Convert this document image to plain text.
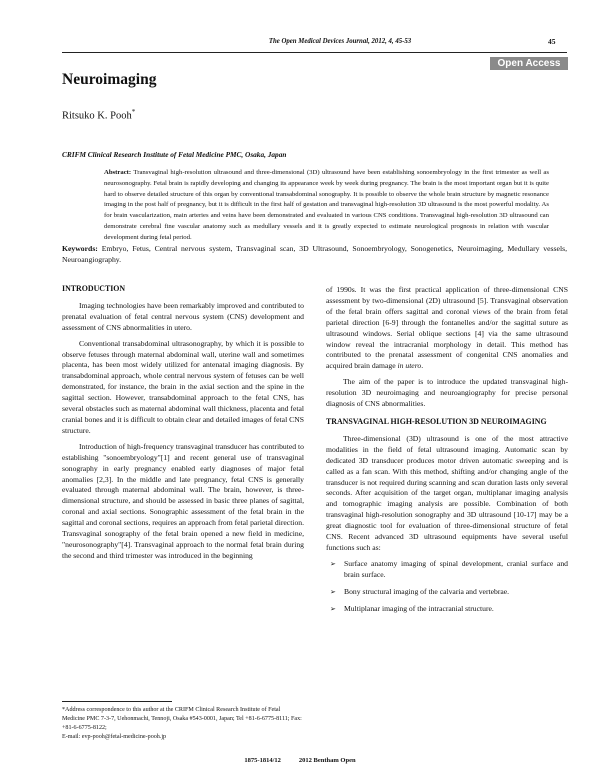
The Open Medical Devices Journal, 2012, 4, 45-53	45
Open Access
Neuroimaging
Ritsuko K. Pooh*
CRIFM Clinical Research Institute of Fetal Medicine PMC, Osaka, Japan
Abstract: Transvaginal high-resolution ultrasound and three-dimensional (3D) ultrasound have been establishing sonoembryology in the first trimester as well as neurosonography. Fetal brain is rapidly developing and changing its appearance week by week during pregnancy. The brain is the most important organ but it is quite hard to observe detailed structure of this organ by conventional transabdominal sonography. It is possible to observe the whole brain structure by magnetic resonance imaging in the post half of pregnancy, but it is difficult in the first half of gestation and transvaginal high-resolution 3D ultrasound is the most powerful modality. As for brain vascularization, main arteries and veins have been demonstrated and evaluated in various CNS conditions. Transvaginal high-resolution 3D ultrasound can demonstrate cerebral fine vascular anatomy such as medullary vessels and it is greatly expected to estimate neurological prognosis in relation with vascular development during fetal period.
Keywords: Embryo, Fetus, Central nervous system, Transvaginal scan, 3D Ultrasound, Sonoembryology, Sonogenetics, Neuroimaging, Medullary vessels, Neuroangiography.
INTRODUCTION

Imaging technologies have been remarkably improved and contributed to prenatal evaluation of fetal central nervous system (CNS) development and assessment of CNS abnormalities in utero.

Conventional transabdominal ultrasonography, by which it is possible to observe fetuses through maternal abdominal wall, uterine wall and sometimes placenta, has been most widely utilized for antenatal imaging diagnosis. By transabdominal approach, whole central nervous system of fetuses can be well demonstrated, for instance, the brain in the axial section and the spine in the sagittal section. However, transabdominal approach to the fetal CNS, has several obstacles such as maternal abdominal wall thickness, placenta and fetal cranial bones and it is difficult to obtain clear and detailed images of fetal CNS structure.

Introduction of high-frequency transvaginal transducer has contributed to establishing "sonoembryology"[1] and recent general use of transvaginal sonography in early pregnancy enabled early diagnoses of major fetal anomalies [2,3]. In the middle and late pregnancy, fetal CNS is generally evaluated through maternal abdominal wall. The brain, however, is three-dimensional structure, and should be assessed in basic three planes of sagittal, coronal and axial sections. Sonographic assessment of the fetal brain in the sagittal and coronal sections, requires an approach from fetal parietal direction. Transvaginal sonography of the fetal brain opened a new field in medicine, "neurosonography"[4]. Transvaginal approach to the normal fetal brain during the second and third trimester was introduced in the beginning

of 1990s. It was the first practical application of three-dimensional CNS assessment by two-dimensional (2D) ultrasound [5]. Transvaginal observation of the fetal brain offers sagittal and coronal views of the brain from fetal parietal direction [6-9] through the fontanelles and/or the sagittal suture as ultrasound windows. Serial oblique sections [4] via the same ultrasound window reveal the intracranial morphology in detail. This method has contributed to the prenatal assessment of congenital CNS anomalies and acquired brain damage in utero.

The aim of the paper is to introduce the updated transvaginal high-resolution 3D neuroimaging and neuroangiography for precise personal diagnosis of CNS abnormalities.

TRANSVAGINAL HIGH-RESOLUTION 3D NEUROIMAGING

Three-dimensional (3D) ultrasound is one of the most attractive modalities in the field of fetal ultrasound imaging. Automatic scan by dedicated 3D transducer produces motor driven automatic sweeping and is called as a fan scan. With this method, shifting and/or changing angle of the transducer is not required during scanning and scan duration lasts only several seconds. After acquisition of the target organ, multiplanar imaging analysis and tomographic imaging analysis are possible. Combination of both transvaginal high-resolution sonography and 3D ultrasound [10-17] may be a great diagnostic tool for evaluation of three-dimensional structure of fetal CNS. Recent advanced 3D ultrasound equipments have several useful functions such as:

➢ Surface anatomy imaging of spinal development, cranial surface and brain surface.
➢ Bony structural imaging of the calvaria and vertebrae.
➢ Multiplanar imaging of the intracranial structure.
*Address correspondence to this author at the CRIFM Clinical Research Institute of Fetal Medicine PMC 7-3-7, Uehonmachi, Tennoji, Osaka #543-0001, Japan; Tel +81-6-6775-8111; Fax: +81-6-6775-8122;
E-mail: evp-pooh@fetal-medicine-pooh.jp
1875-1814/12	2012 Bentham Open
